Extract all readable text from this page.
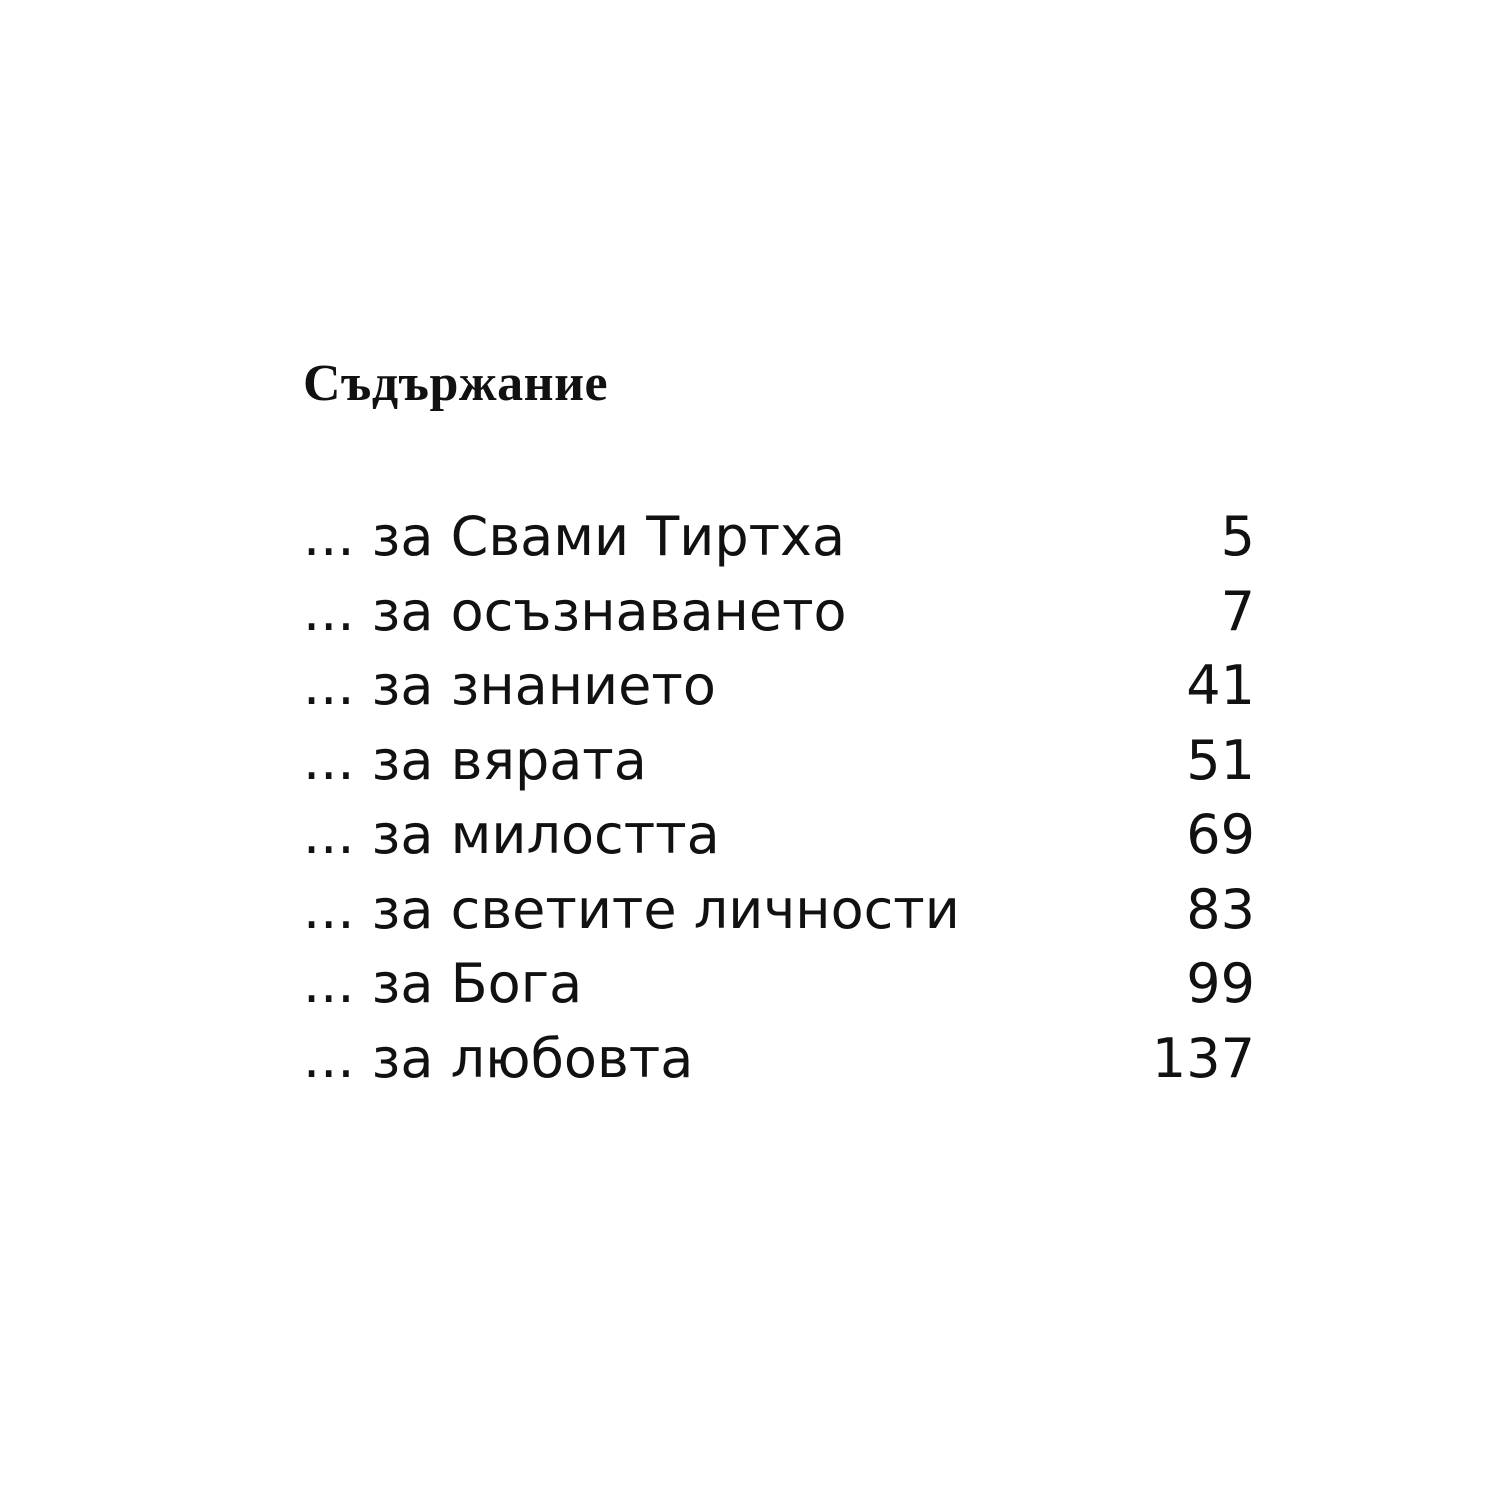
Съдържание
... за Свами Тиртха	5
... за осъзнаването	7
... за знанието	41
... за вярата	51
... за милостта	69
... за светите личности	83
... за Бога	99
... за любовта	137
